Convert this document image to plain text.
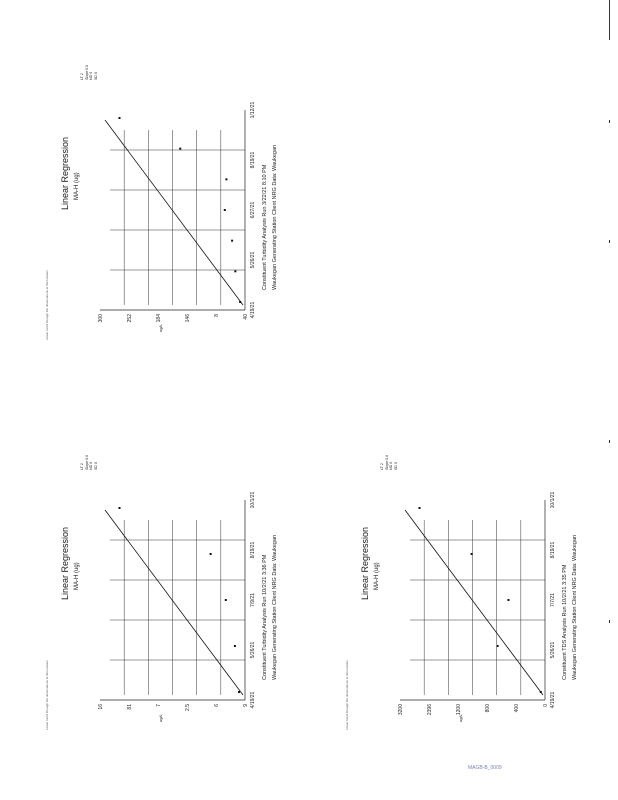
Linear Regression MA-H (ug)
4/19/21
5/26/21
6/27/21
8/19/21
1/12/21
300	252	184	146	8	40
Constituent Turbidity Analysis Run 3/22/21 8:10 PM Waukegan Generating Station Client NRG Data: Waukegan
ug/L
Linear trend through the observations at this location
LT 2 Slope 0.0 ND 0 SD 0
Linear Regression MA-H (ug)
4/19/21
5/26/21
7/9/21
8/19/21
10/1/21
16	81	7	2.5	6	9
Constituent Turbidity Analysis Run 10/2/21 3:36 PM Waukegan Generating Station Client NRG Data: Waukegan
ug/L
Linear trend through the observations at this location
LT 2 Slope 0.0 ND 0 SD 0
Linear Regression MA-H (ug)
4/19/21
5/26/21
7/7/21
8/19/21
10/1/21
3200	2396	1200	800	400	0
Constituent TDS Analysis Run 10/2/21 3:35 PM Waukegan Generating Station Client NRG Data: Waukegan
ug/L
Linear trend through the observations at this location
LT 2 Slope 0.0 ND 0 SD 0
MAGB-B_0009
